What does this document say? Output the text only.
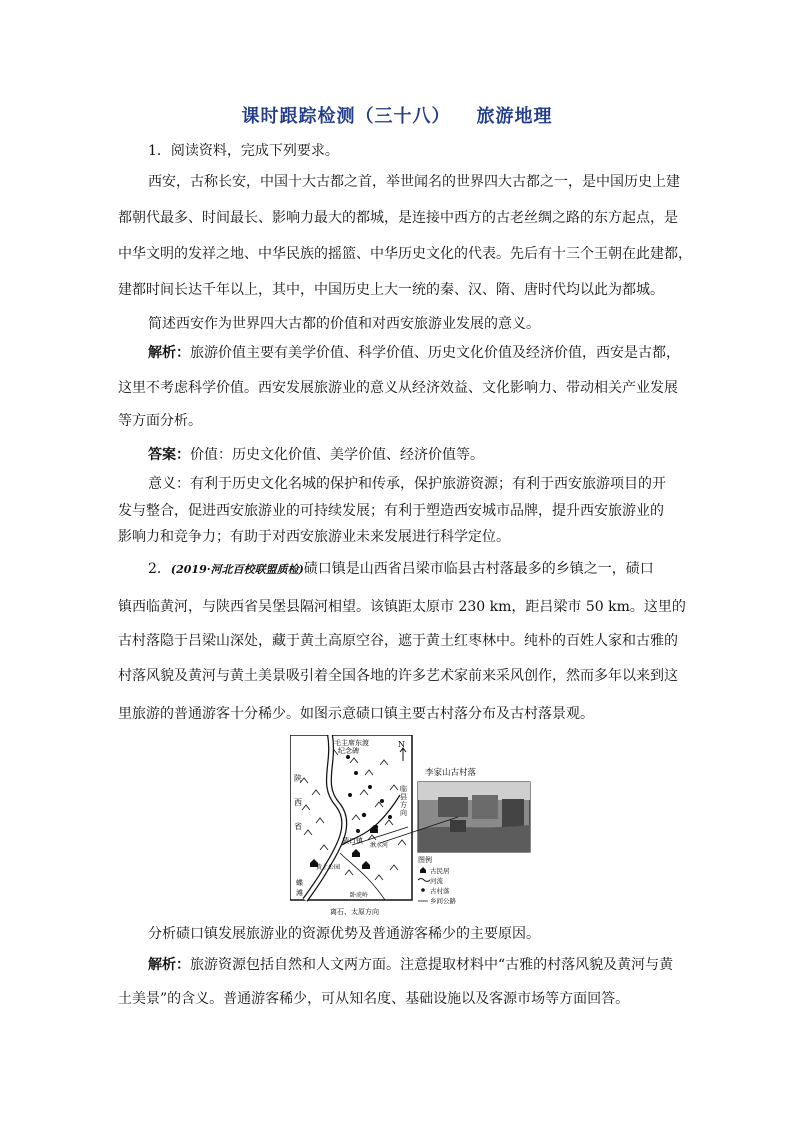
课时跟踪检测（三十八） 旅游地理
1．阅读资料，完成下列要求。
西安，古称长安，中国十大古都之首，举世闻名的世界四大古都之一，是中国历史上建
都朝代最多、时间最长、影响力最大的都城，是连接中西方的古老丝绸之路的东方起点，是
中华文明的发祥之地、中华民族的摇篮、中华历史文化的代表。先后有十三个王朝在此建都，
建都时间长达千年以上，其中，中国历史上大一统的秦、汉、隋、唐时代均以此为都城。
简述西安作为世界四大古都的价值和对西安旅游业发展的意义。
解析：旅游价值主要有美学价值、科学价值、历史文化价值及经济价值，西安是古都，
这里不考虑科学价值。西安发展旅游业的意义从经济效益、文化影响力、带动相关产业发展
等方面分析。
答案：价值：历史文化价值、美学价值、经济价值等。
意义：有利于历史文化名城的保护和传承，保护旅游资源；有利于西安旅游项目的开
发与整合，促进西安旅游业的可持续发展；有利于塑造西安城市品牌，提升西安旅游业的
影响力和竞争力；有助于对西安旅游业未来发展进行科学定位。
2．(2019·河北百校联盟质检)碛口镇是山西省吕梁市临县古村落最多的乡镇之一，碛口
镇西临黄河，与陕西省吴堡县隔河相望。该镇距太原市 230 km，距吕梁市 50 km。这里的
古村落隐于吕梁山深处，藏于黄土高原空谷，遮于黄土红枣林中。纯朴的百姓人家和古雅的
村落风貌及黄河与黄土美景吸引着全国各地的许多艺术家前来采风创作，然而多年以来到这
里旅游的普通游客十分稀少。如图示意碛口镇主要古村落分布及古村落景观。
N
毛主席东渡
纪念碑
陕
西
省
临
县
方
向
碛口镇
湫水河
黄土公园
蝶
滩	卧虎岭
离石、太原方向
李家山古村落
图例
古民居
河流
古村落
乡间公路
分析碛口镇发展旅游业的资源优势及普通游客稀少的主要原因。
解析：旅游资源包括自然和人文两方面。注意提取材料中“古雅的村落风貌及黄河与黄
土美景”的含义。普通游客稀少，可从知名度、基础设施以及客源市场等方面回答。
